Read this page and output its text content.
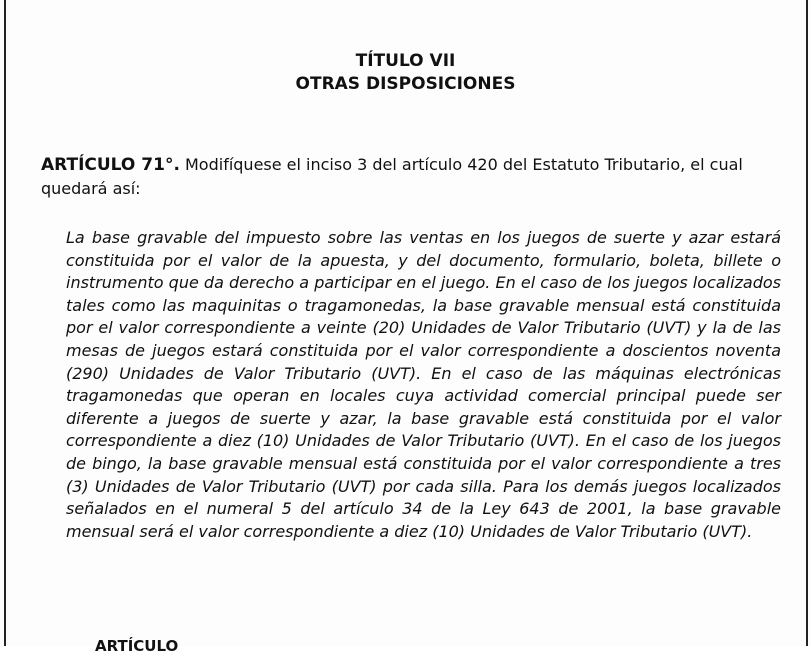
TÍTULO VII
OTRAS DISPOSICIONES
ARTÍCULO 71°. Modifíquese el inciso 3 del artículo 420 del Estatuto Tributario, el cual quedará así:
La base gravable del impuesto sobre las ventas en los juegos de suerte y azar estará constituida por el valor de la apuesta, y del documento, formulario, boleta, billete o instrumento que da derecho a participar en el juego. En el caso de los juegos localizados tales como las maquinitas o tragamonedas, la base gravable mensual está constituida por el valor correspondiente a veinte (20) Unidades de Valor Tributario (UVT) y la de las mesas de juegos estará constituida por el valor correspondiente a doscientos noventa (290) Unidades de Valor Tributario (UVT). En el caso de las máquinas electrónicas tragamonedas que operan en locales cuya actividad comercial principal puede ser diferente a juegos de suerte y azar, la base gravable está constituida por el valor correspondiente a diez (10) Unidades de Valor Tributario (UVT). En el caso de los juegos de bingo, la base gravable mensual está constituida por el valor correspondiente a tres (3) Unidades de Valor Tributario (UVT) por cada silla. Para los demás juegos localizados señalados en el numeral 5 del artículo 34 de la Ley 643 de 2001, la base gravable mensual será el valor correspondiente a diez (10) Unidades de Valor Tributario (UVT).
ARTÍCULO
